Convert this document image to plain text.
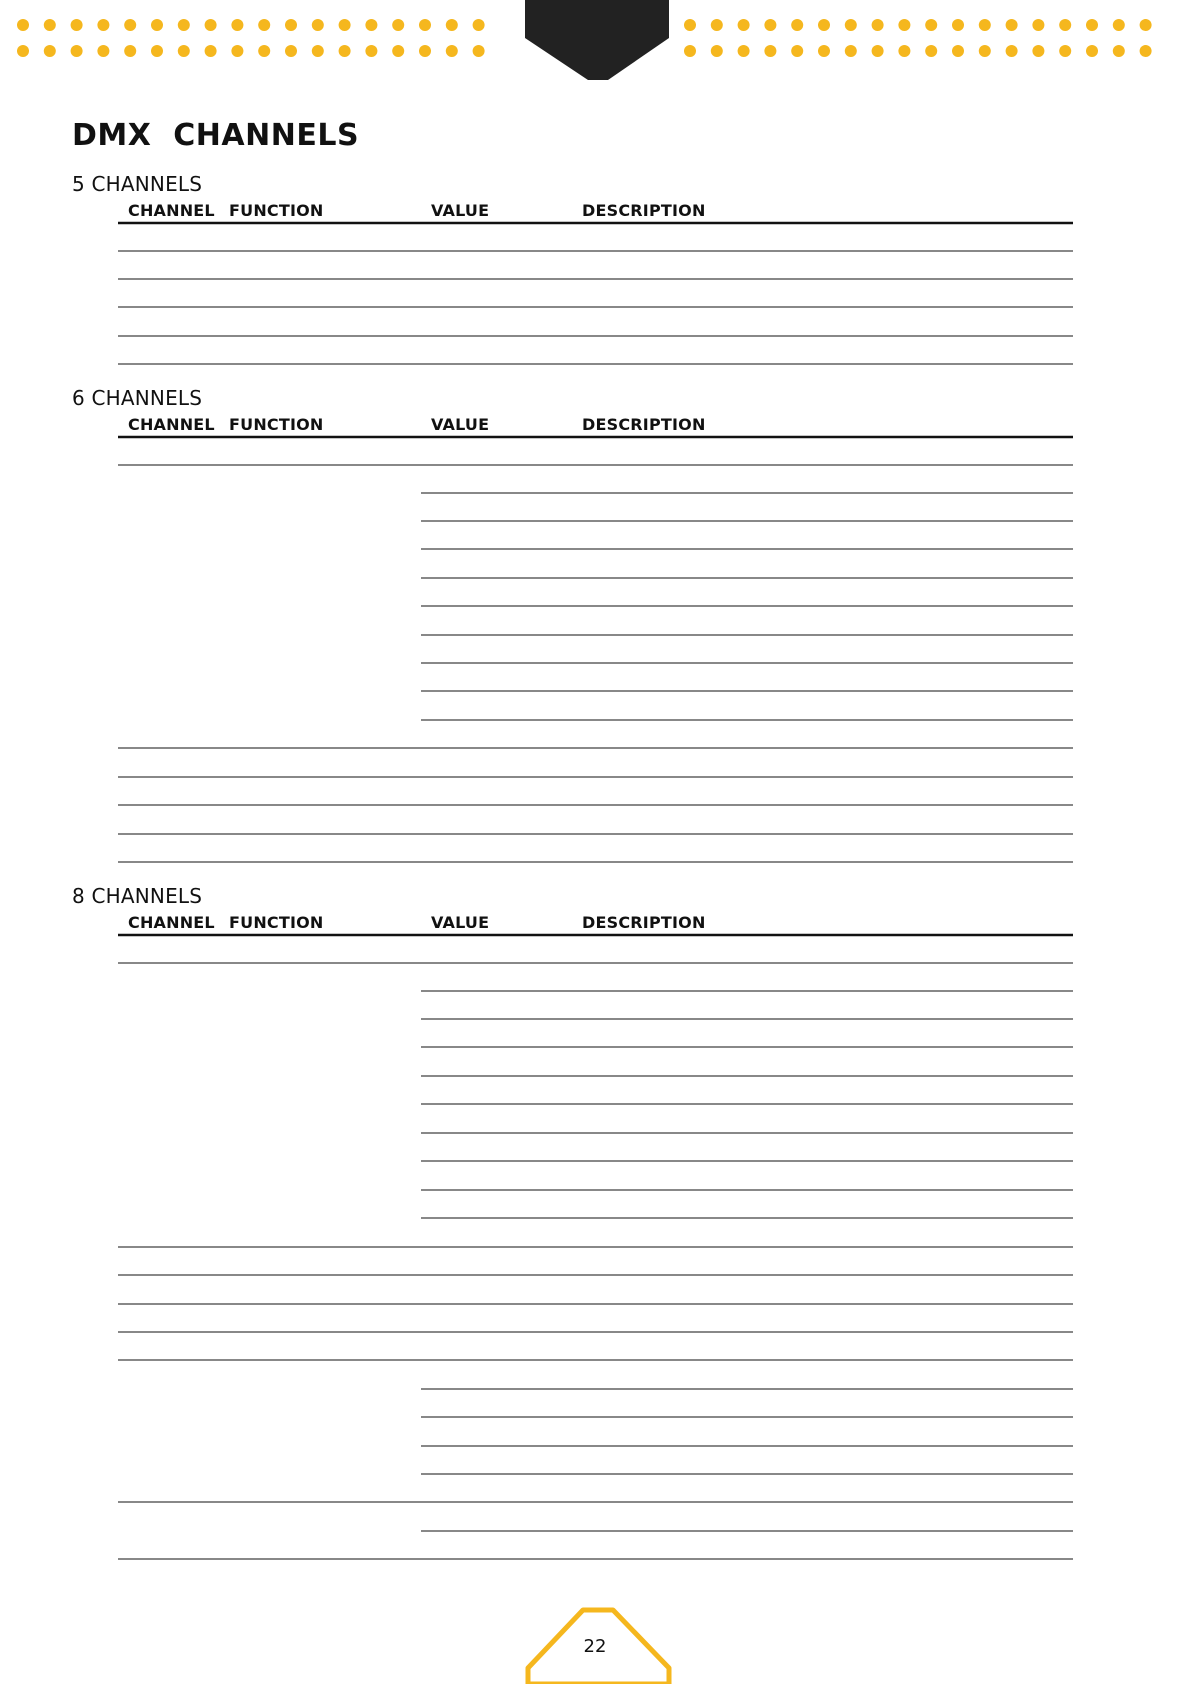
DMX  CHANNELS
5 CHANNELS
CHANNEL FUNCTION	VALUE	DESCRIPTION
6 CHANNELS
CHANNEL FUNCTION	VALUE	DESCRIPTION
8 CHANNELS
CHANNEL FUNCTION	VALUE	DESCRIPTION
22
